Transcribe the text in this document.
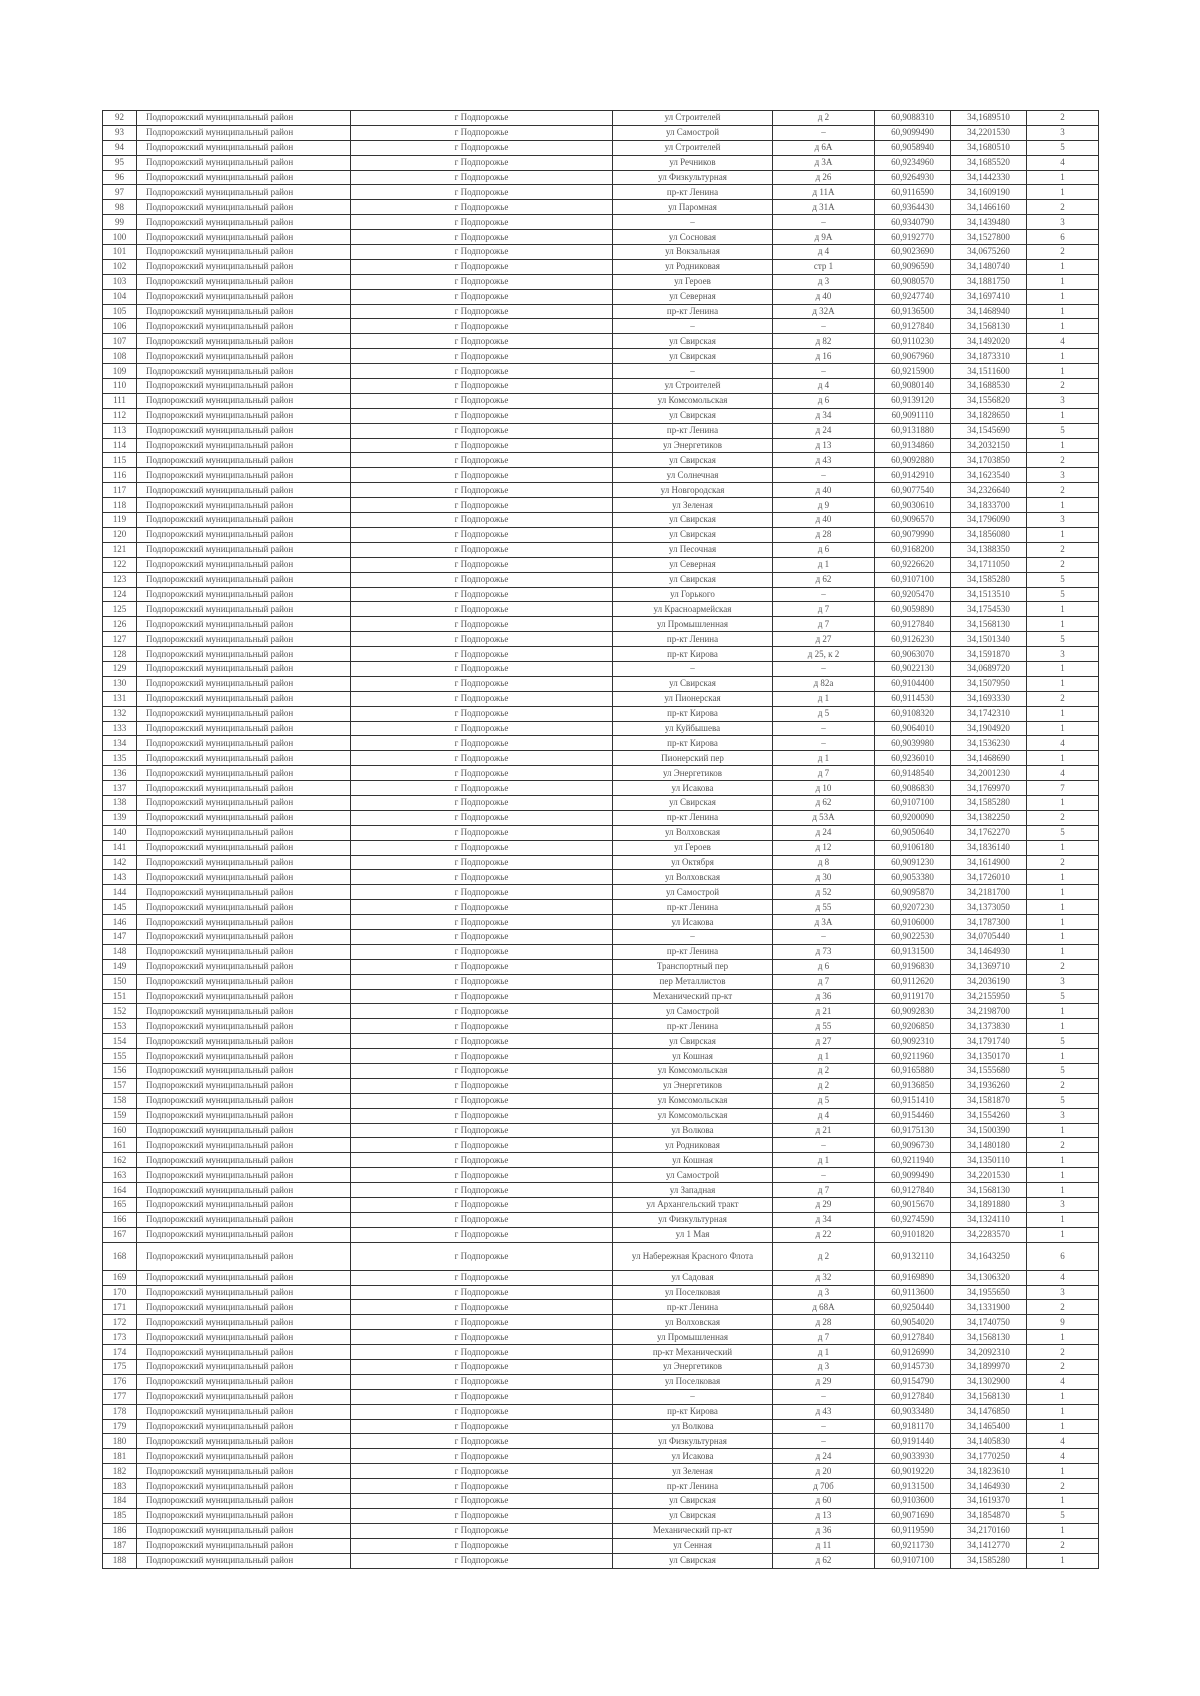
92	Подпорожский муниципальный район	г Подпорожье	ул Строителей	д 2	60,9088310	34,1689510	2
93	Подпорожский муниципальный район	г Подпорожье	ул Самострой	–	60,9099490	34,2201530	3
94	Подпорожский муниципальный район	г Подпорожье	ул Строителей	д 6А	60,9058940	34,1680510	5
95	Подпорожский муниципальный район	г Подпорожье	ул Речников	д 3А	60,9234960	34,1685520	4
96	Подпорожский муниципальный район	г Подпорожье	ул Физкультурная	д 26	60,9264930	34,1442330	1
97	Подпорожский муниципальный район	г Подпорожье	пр-кт Ленина	д 11А	60,9116590	34,1609190	1
98	Подпорожский муниципальный район	г Подпорожье	ул Паромная	д 31А	60,9364430	34,1466160	2
99	Подпорожский муниципальный район	г Подпорожье	–	–	60,9340790	34,1439480	3
100	Подпорожский муниципальный район	г Подпорожье	ул Сосновая	д 9А	60,9192770	34,1527800	6
101	Подпорожский муниципальный район	г Подпорожье	ул Вокзальная	д 4	60,9023690	34,0675260	2
102	Подпорожский муниципальный район	г Подпорожье	ул Родниковая	стр 1	60,9096590	34,1480740	1
103	Подпорожский муниципальный район	г Подпорожье	ул Героев	д 3	60,9080570	34,1881750	1
104	Подпорожский муниципальный район	г Подпорожье	ул Северная	д 40	60,9247740	34,1697410	1
105	Подпорожский муниципальный район	г Подпорожье	пр-кт Ленина	д 32А	60,9136500	34,1468940	1
106	Подпорожский муниципальный район	г Подпорожье	–	–	60,9127840	34,1568130	1
107	Подпорожский муниципальный район	г Подпорожье	ул Свирская	д 82	60,9110230	34,1492020	4
108	Подпорожский муниципальный район	г Подпорожье	ул Свирская	д 16	60,9067960	34,1873310	1
109	Подпорожский муниципальный район	г Подпорожье	–	–	60,9215900	34,1511600	1
110	Подпорожский муниципальный район	г Подпорожье	ул Строителей	д 4	60,9080140	34,1688530	2
111	Подпорожский муниципальный район	г Подпорожье	ул Комсомольская	д 6	60,9139120	34,1556820	3
112	Подпорожский муниципальный район	г Подпорожье	ул Свирская	д 34	60,9091110	34,1828650	1
113	Подпорожский муниципальный район	г Подпорожье	пр-кт Ленина	д 24	60,9131880	34,1545690	5
114	Подпорожский муниципальный район	г Подпорожье	ул Энергетиков	д 13	60,9134860	34,2032150	1
115	Подпорожский муниципальный район	г Подпорожье	ул Свирская	д 43	60,9092880	34,1703850	2
116	Подпорожский муниципальный район	г Подпорожье	ул Солнечная	–	60,9142910	34,1623540	3
117	Подпорожский муниципальный район	г Подпорожье	ул Новгородская	д 40	60,9077540	34,2326640	2
118	Подпорожский муниципальный район	г Подпорожье	ул Зеленая	д 9	60,9030610	34,1833700	1
119	Подпорожский муниципальный район	г Подпорожье	ул Свирская	д 40	60,9096570	34,1796090	3
120	Подпорожский муниципальный район	г Подпорожье	ул Свирская	д 28	60,9079990	34,1856080	1
121	Подпорожский муниципальный район	г Подпорожье	ул Песочная	д 6	60,9168200	34,1388350	2
122	Подпорожский муниципальный район	г Подпорожье	ул Северная	д 1	60,9226620	34,1711050	2
123	Подпорожский муниципальный район	г Подпорожье	ул Свирская	д 62	60,9107100	34,1585280	5
124	Подпорожский муниципальный район	г Подпорожье	ул Горького	–	60,9205470	34,1513510	5
125	Подпорожский муниципальный район	г Подпорожье	ул Красноармейская	д 7	60,9059890	34,1754530	1
126	Подпорожский муниципальный район	г Подпорожье	ул Промышленная	д 7	60,9127840	34,1568130	1
127	Подпорожский муниципальный район	г Подпорожье	пр-кт Ленина	д 27	60,9126230	34,1501340	5
128	Подпорожский муниципальный район	г Подпорожье	пр-кт Кирова	д 25, к 2	60,9063070	34,1591870	3
129	Подпорожский муниципальный район	г Подпорожье	–	–	60,9022130	34,0689720	1
130	Подпорожский муниципальный район	г Подпорожье	ул Свирская	д 82а	60,9104400	34,1507950	1
131	Подпорожский муниципальный район	г Подпорожье	ул Пионерская	д 1	60,9114530	34,1693330	2
132	Подпорожский муниципальный район	г Подпорожье	пр-кт Кирова	д 5	60,9108320	34,1742310	1
133	Подпорожский муниципальный район	г Подпорожье	ул Куйбышева	–	60,9064010	34,1904920	1
134	Подпорожский муниципальный район	г Подпорожье	пр-кт Кирова	–	60,9039980	34,1536230	4
135	Подпорожский муниципальный район	г Подпорожье	Пионерский пер	д 1	60,9236010	34,1468690	1
136	Подпорожский муниципальный район	г Подпорожье	ул Энергетиков	д 7	60,9148540	34,2001230	4
137	Подпорожский муниципальный район	г Подпорожье	ул Исакова	д 10	60,9086830	34,1769970	7
138	Подпорожский муниципальный район	г Подпорожье	ул Свирская	д 62	60,9107100	34,1585280	1
139	Подпорожский муниципальный район	г Подпорожье	пр-кт Ленина	д 53А	60,9200090	34,1382250	2
140	Подпорожский муниципальный район	г Подпорожье	ул Волховская	д 24	60,9050640	34,1762270	5
141	Подпорожский муниципальный район	г Подпорожье	ул Героев	д 12	60,9106180	34,1836140	1
142	Подпорожский муниципальный район	г Подпорожье	ул Октября	д 8	60,9091230	34,1614900	2
143	Подпорожский муниципальный район	г Подпорожье	ул Волховская	д 30	60,9053380	34,1726010	1
144	Подпорожский муниципальный район	г Подпорожье	ул Самострой	д 52	60,9095870	34,2181700	1
145	Подпорожский муниципальный район	г Подпорожье	пр-кт Ленина	д 55	60,9207230	34,1373050	1
146	Подпорожский муниципальный район	г Подпорожье	ул Исакова	д 3А	60,9106000	34,1787300	1
147	Подпорожский муниципальный район	г Подпорожье	–	–	60,9022530	34,0705440	1
148	Подпорожский муниципальный район	г Подпорожье	пр-кт Ленина	д 73	60,9131500	34,1464930	1
149	Подпорожский муниципальный район	г Подпорожье	Транспортный пер	д 6	60,9196830	34,1369710	2
150	Подпорожский муниципальный район	г Подпорожье	пер Металлистов	д 7	60,9112620	34,2036190	3
151	Подпорожский муниципальный район	г Подпорожье	Механический пр-кт	д 36	60,9119170	34,2155950	5
152	Подпорожский муниципальный район	г Подпорожье	ул Самострой	д 21	60,9092830	34,2198700	1
153	Подпорожский муниципальный район	г Подпорожье	пр-кт Ленина	д 55	60,9206850	34,1373830	1
154	Подпорожский муниципальный район	г Подпорожье	ул Свирская	д 27	60,9092310	34,1791740	5
155	Подпорожский муниципальный район	г Подпорожье	ул Кошная	д 1	60,9211960	34,1350170	1
156	Подпорожский муниципальный район	г Подпорожье	ул Комсомольская	д 2	60,9165880	34,1555680	5
157	Подпорожский муниципальный район	г Подпорожье	ул Энергетиков	д 2	60,9136850	34,1936260	2
158	Подпорожский муниципальный район	г Подпорожье	ул Комсомольская	д 5	60,9151410	34,1581870	5
159	Подпорожский муниципальный район	г Подпорожье	ул Комсомольская	д 4	60,9154460	34,1554260	3
160	Подпорожский муниципальный район	г Подпорожье	ул Волкова	д 21	60,9175130	34,1500390	1
161	Подпорожский муниципальный район	г Подпорожье	ул Родниковая	–	60,9096730	34,1480180	2
162	Подпорожский муниципальный район	г Подпорожье	ул Кошная	д 1	60,9211940	34,1350110	1
163	Подпорожский муниципальный район	г Подпорожье	ул Самострой	–	60,9099490	34,2201530	1
164	Подпорожский муниципальный район	г Подпорожье	ул Западная	д 7	60,9127840	34,1568130	1
165	Подпорожский муниципальный район	г Подпорожье	ул Архангельский тракт	д 29	60,9015670	34,1891880	3
166	Подпорожский муниципальный район	г Подпорожье	ул Физкультурная	д 34	60,9274590	34,1324110	1
167	Подпорожский муниципальный район	г Подпорожье	ул 1 Мая	д 22	60,9101820	34,2283570	1
168	Подпорожский муниципальный район	г Подпорожье	ул Набережная Красного Флота	д 2	60,9132110	34,1643250	6
169	Подпорожский муниципальный район	г Подпорожье	ул Садовая	д 32	60,9169890	34,1306320	4
170	Подпорожский муниципальный район	г Подпорожье	ул Поселковая	д 3	60,9113600	34,1955650	3
171	Подпорожский муниципальный район	г Подпорожье	пр-кт Ленина	д 68А	60,9250440	34,1331900	2
172	Подпорожский муниципальный район	г Подпорожье	ул Волховская	д 28	60,9054020	34,1740750	9
173	Подпорожский муниципальный район	г Подпорожье	ул Промышленная	д 7	60,9127840	34,1568130	1
174	Подпорожский муниципальный район	г Подпорожье	пр-кт Механический	д 1	60,9126990	34,2092310	2
175	Подпорожский муниципальный район	г Подпорожье	ул Энергетиков	д 3	60,9145730	34,1899970	2
176	Подпорожский муниципальный район	г Подпорожье	ул Поселковая	д 29	60,9154790	34,1302900	4
177	Подпорожский муниципальный район	г Подпорожье	–	–	60,9127840	34,1568130	1
178	Подпорожский муниципальный район	г Подпорожье	пр-кт Кирова	д 43	60,9033480	34,1476850	1
179	Подпорожский муниципальный район	г Подпорожье	ул Волкова	–	60,9181170	34,1465400	1
180	Подпорожский муниципальный район	г Подпорожье	ул Физкультурная	–	60,9191440	34,1405830	4
181	Подпорожский муниципальный район	г Подпорожье	ул Исакова	д 24	60,9033930	34,1770250	4
182	Подпорожский муниципальный район	г Подпорожье	ул Зеленая	д 20	60,9019220	34,1823610	1
183	Подпорожский муниципальный район	г Подпорожье	пр-кт Ленина	д 70б	60,9131500	34,1464930	2
184	Подпорожский муниципальный район	г Подпорожье	ул Свирская	д 60	60,9103600	34,1619370	1
185	Подпорожский муниципальный район	г Подпорожье	ул Свирская	д 13	60,9071690	34,1854870	5
186	Подпорожский муниципальный район	г Подпорожье	Механический пр-кт	д 36	60,9119590	34,2170160	1
187	Подпорожский муниципальный район	г Подпорожье	ул Сенная	д 11	60,9211730	34,1412770	2
188	Подпорожский муниципальный район	г Подпорожье	ул Свирская	д 62	60,9107100	34,1585280	1
